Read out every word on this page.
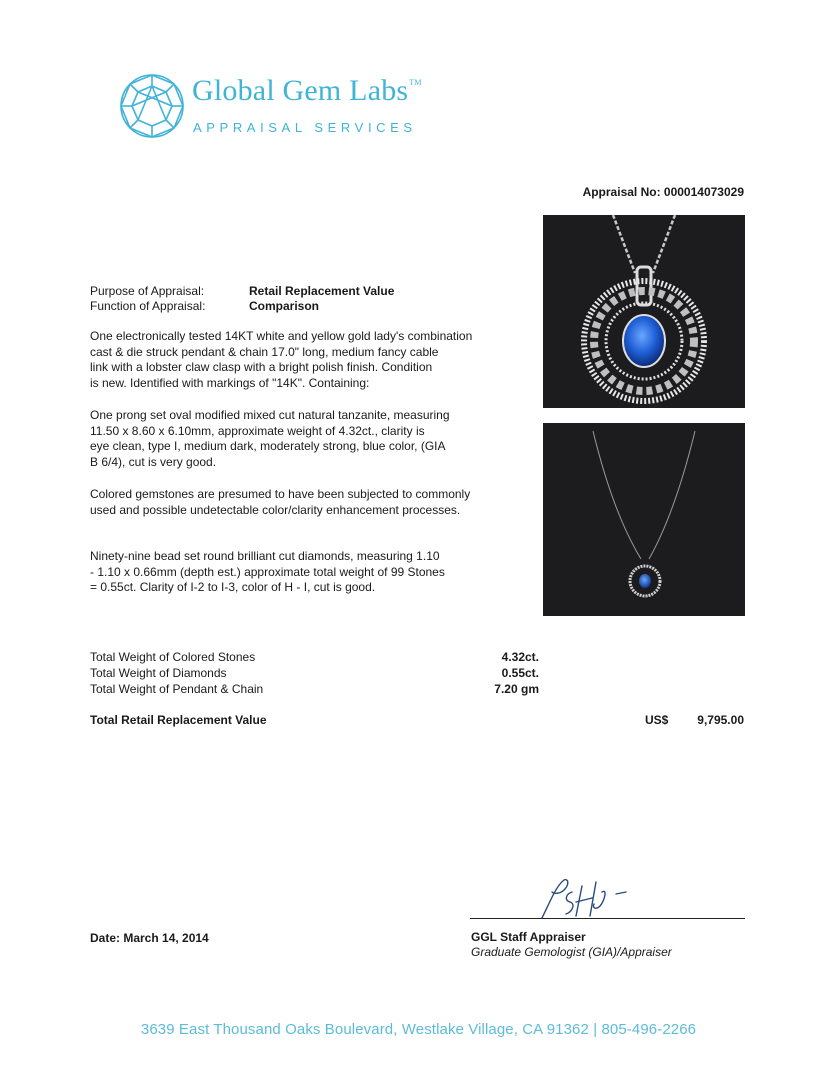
Global Gem Labs™
APPRAISAL SERVICES
Appraisal No: 000014073029
Purpose of Appraisal:	Retail Replacement Value
Function of Appraisal:	Comparison
One electronically tested 14KT white and yellow gold lady's combination
cast & die struck pendant & chain 17.0" long, medium fancy cable
link with a lobster claw clasp with a bright polish finish. Condition
is new. Identified with markings of "14K". Containing:
One prong set oval modified mixed cut natural tanzanite, measuring
11.50 x 8.60 x 6.10mm, approximate weight of 4.32ct., clarity is
eye clean, type I, medium dark, moderately strong, blue color, (GIA
B 6/4), cut is very good.
Colored gemstones are presumed to have been subjected to commonly
used and possible undetectable color/clarity enhancement processes.
Ninety-nine bead set round brilliant cut diamonds, measuring 1.10
- 1.10 x 0.66mm (depth est.) approximate total weight of 99 Stones
= 0.55ct. Clarity of I-2 to I-3, color of H - I, cut is good.
Total Weight of Colored Stones	4.32ct.
Total Weight of Diamonds	0.55ct.
Total Weight of Pendant & Chain	7.20 gm
Total Retail Replacement Value	US$ 9,795.00
Date: March 14, 2014	GGL Staff Appraiser
Graduate Gemologist (GIA)/Appraiser
3639 East Thousand Oaks Boulevard, Westlake Village, CA 91362 | 805-496-2266
